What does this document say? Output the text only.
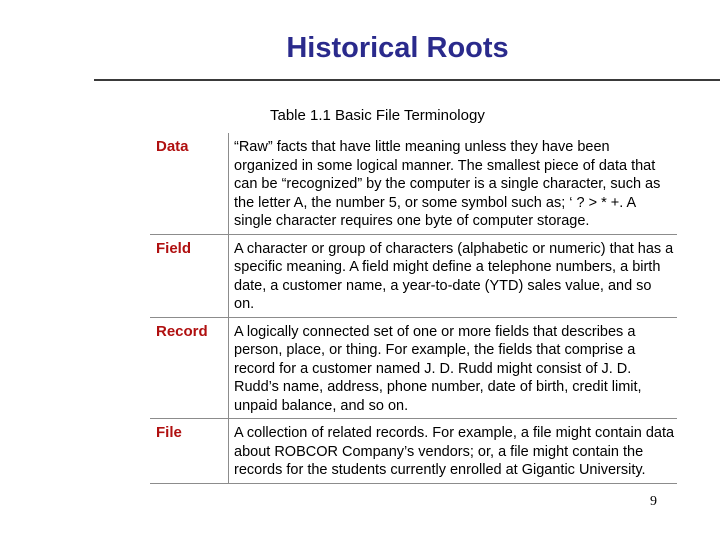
Historical Roots
Table 1.1 Basic File Terminology
Data	“Raw” facts that have little meaning unless they have been organized in some logical manner. The smallest piece of data that can be “recognized” by the computer is a single character, such as the letter A, the number 5, or some symbol such as; ‘ ? > * +. A single character requires one byte of computer storage.
Field	A character or group of characters (alphabetic or numeric) that has a specific meaning. A field might define a telephone numbers, a birth date, a customer name, a year-to-date (YTD) sales value, and so on.
Record	A logically connected set of one or more fields that describes a person, place, or thing. For example, the fields that comprise a record for a customer named J. D. Rudd might consist of J. D. Rudd’s name, address, phone number, date of birth, credit limit, unpaid balance, and so on.
File	A collection of related records. For example, a file might contain data about ROBCOR Company’s vendors; or, a file might contain the records for the students currently enrolled at Gigantic University.
9
